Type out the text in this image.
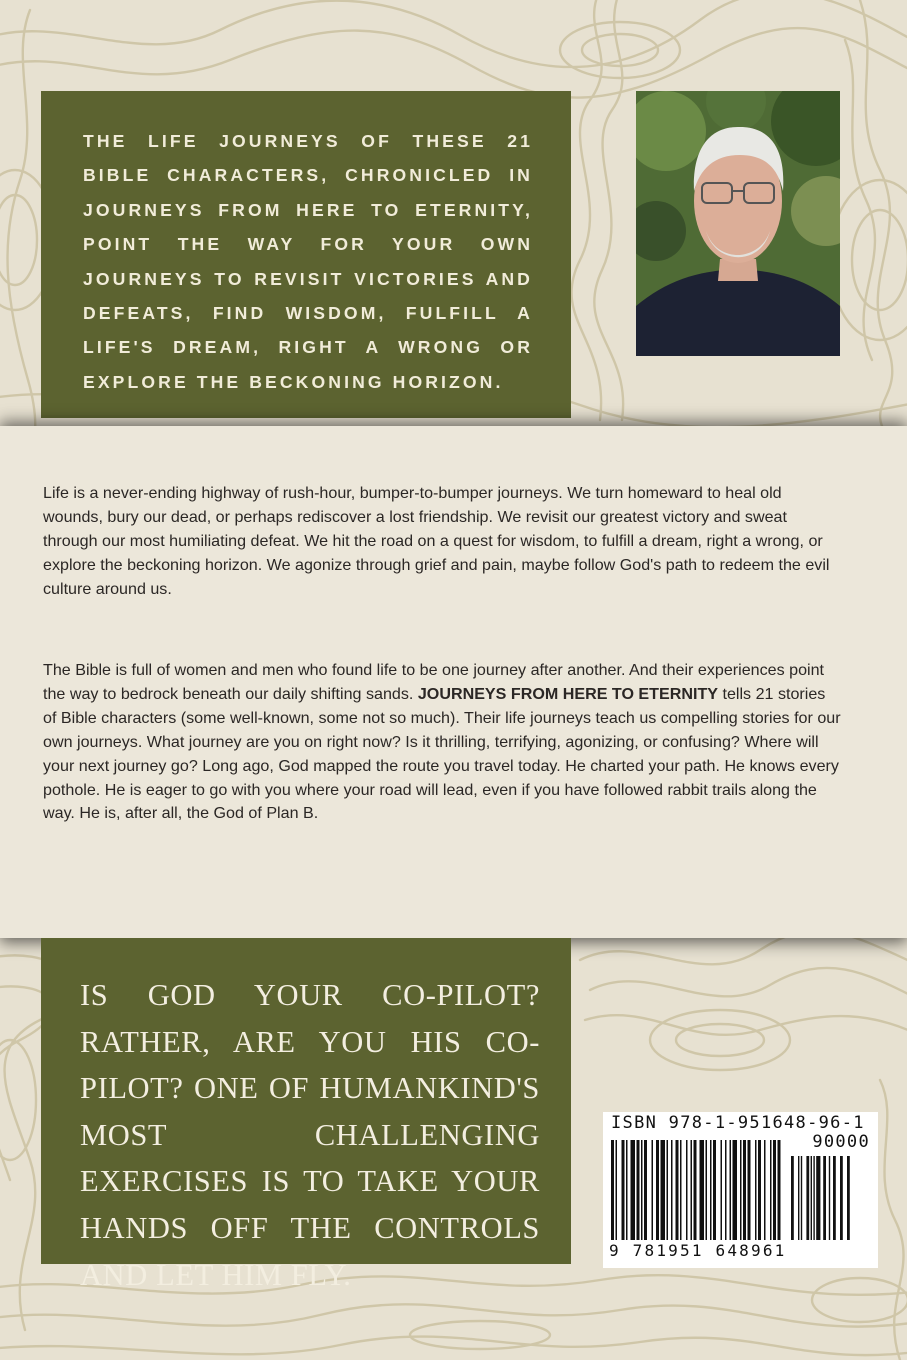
THE LIFE JOURNEYS OF THESE 21 BIBLE CHARACTERS, CHRONICLED IN JOURNEYS FROM HERE TO ETERNITY, POINT THE WAY FOR YOUR OWN JOURNEYS TO REVISIT VICTORIES AND DEFEATS, FIND WISDOM, FULFILL A LIFE'S DREAM, RIGHT A WRONG OR EXPLORE THE BECKONING HORIZON.

Life is a never-ending highway of rush-hour, bumper-to-bumper journeys. We turn homeward to heal old wounds, bury our dead, or perhaps rediscover a lost friendship. We revisit our greatest victory and sweat through our most humiliating defeat. We hit the road on a quest for wisdom, to fulfill a dream, right a wrong, or explore the beckoning horizon. We agonize through grief and pain, maybe follow God's path to redeem the evil culture around us.

The Bible is full of women and men who found life to be one journey after another. And their experiences point the way to bedrock beneath our daily shifting sands. JOURNEYS FROM HERE TO ETERNITY tells 21 stories of Bible characters (some well-known, some not so much). Their life journeys teach us compelling stories for our own journeys. What journey are you on right now? Is it thrilling, terrifying, agonizing, or confusing? Where will your next journey go? Long ago, God mapped the route you travel today. He charted your path. He knows every pothole. He is eager to go with you where your road will lead, even if you have followed rabbit trails along the way. He is, after all, the God of Plan B.

IS GOD YOUR CO-PILOT? RATHER, ARE YOU HIS CO-PILOT? ONE OF HUMANKIND'S MOST CHALLENGING EXERCISES IS TO TAKE YOUR HANDS OFF THE CONTROLS AND LET HIM FLY.

ISBN 978-1-951648-96-1

90000

9 781951 648961
